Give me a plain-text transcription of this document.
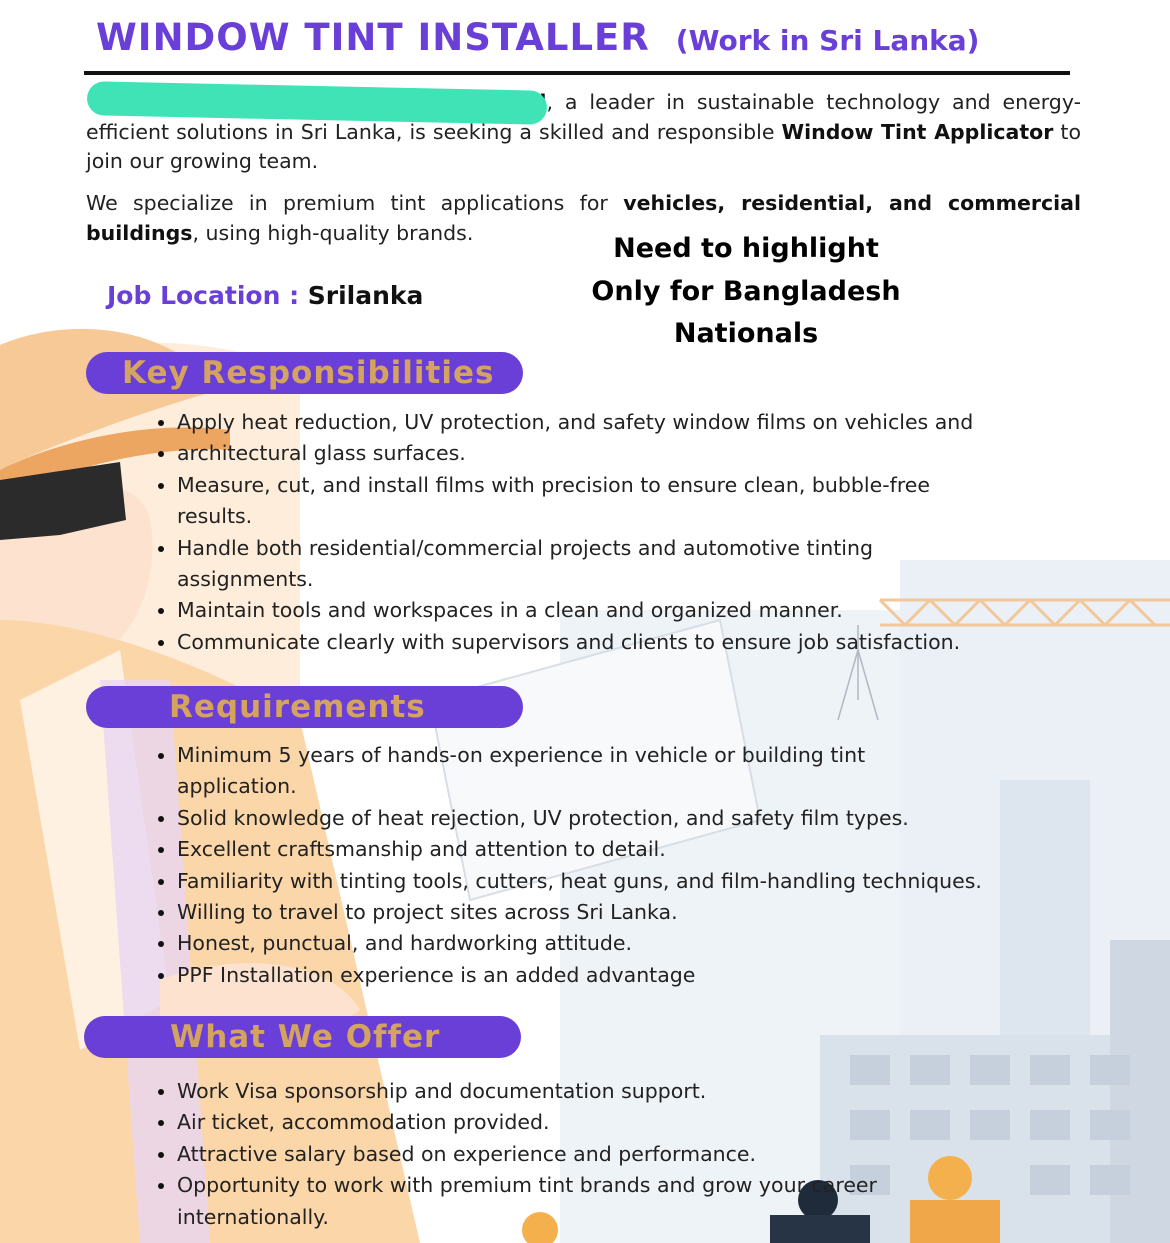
WINDOW TINT INSTALLER (Work in Sri Lanka)
, a leader in sustainable technology and energy-efficient solutions in Sri Lanka, is seeking a skilled and responsible Window Tint Applicator to join our growing team.
We specialize in premium tint applications for vehicles, residential, and commercial buildings, using high-quality brands.
Job Location : Srilanka
Need to highlight
Only for Bangladesh
Nationals
Key Responsibilities
• Apply heat reduction, UV protection, and safety window films on vehicles and
• architectural glass surfaces.
• Measure, cut, and install films with precision to ensure clean, bubble-free results.
• Handle both residential/commercial projects and automotive tinting assignments.
• Maintain tools and workspaces in a clean and organized manner.
• Communicate clearly with supervisors and clients to ensure job satisfaction.
Requirements
• Minimum 5 years of hands-on experience in vehicle or building tint application.
• Solid knowledge of heat rejection, UV protection, and safety film types.
• Excellent craftsmanship and attention to detail.
• Familiarity with tinting tools, cutters, heat guns, and film-handling techniques.
• Willing to travel to project sites across Sri Lanka.
• Honest, punctual, and hardworking attitude.
• PPF Installation experience is an added advantage
What We Offer
• Work Visa sponsorship and documentation support.
• Air ticket, accommodation provided.
• Attractive salary based on experience and performance.
• Opportunity to work with premium tint brands and grow your career internationally.
